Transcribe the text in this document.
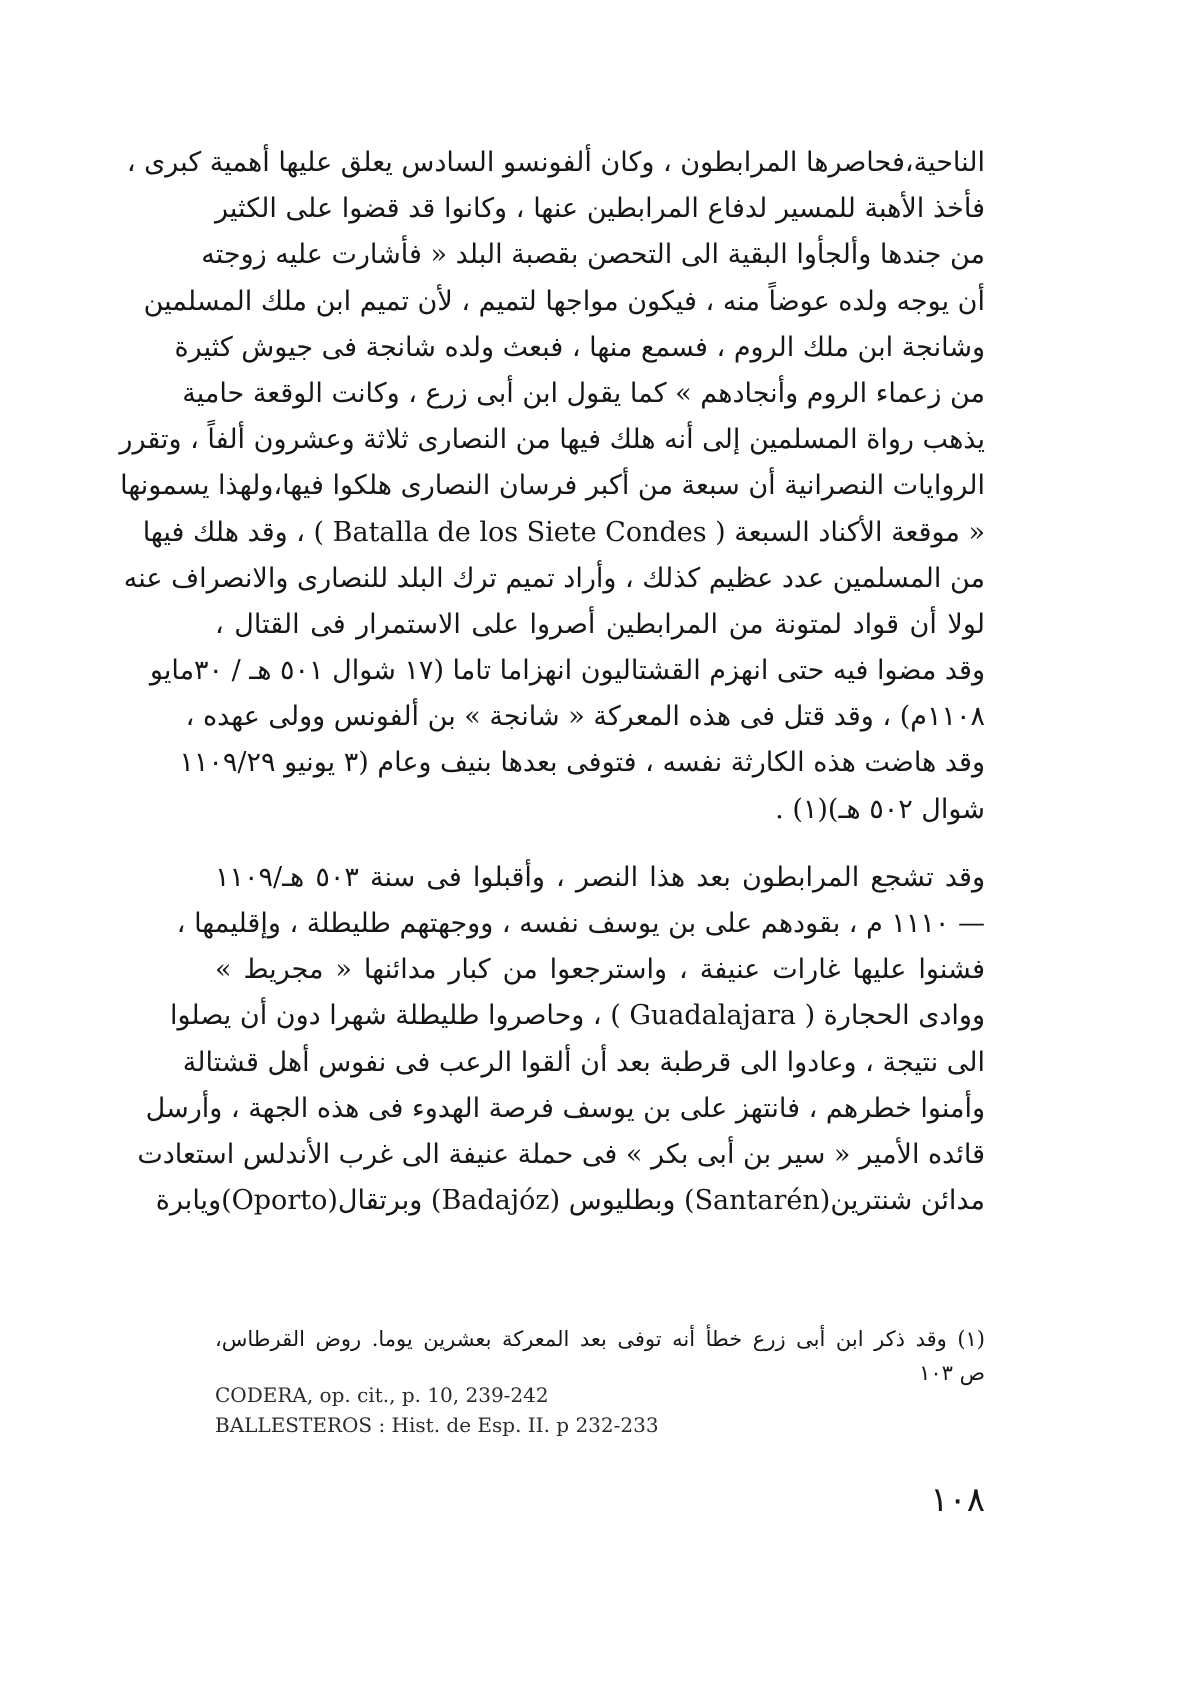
الناحية،فحاصرها المرابطون ، وكان ألفونسو السادس يعلق عليها أهمية كبرى ،
فأخذ الأهبة للمسير لدفاع المرابطين عنها ، وكانوا قد قضوا على الكثير
من جندها وألجأوا البقية الى التحصن بقصبة البلد « فأشارت عليه زوجته
أن يوجه ولده عوضاً منه ، فيكون مواجها لتميم ، لأن تميم ابن ملك المسلمين
وشانجة ابن ملك الروم ، فسمع منها ، فبعث ولده شانجة فى جيوش كثيرة
من زعماء الروم وأنجادهم » كما يقول ابن أبى زرع ، وكانت الوقعة حامية
يذهب رواة المسلمين إلى أنه هلك فيها من النصارى ثلاثة وعشرون ألفاً ، وتقرر
الروايات النصرانية أن سبعة من أكبر فرسان النصارى هلكوا فيها،ولهذا يسمونها
« موقعة الأكناد السبعة ( Batalla de los Siete Condes ) ، وقد هلك فيها
من المسلمين عدد عظيم كذلك ، وأراد تميم ترك البلد للنصارى والانصراف عنه
لولا أن قواد لمتونة من المرابطين أصروا على الاستمرار فى القتال ،
وقد مضوا فيه حتى انهزم القشتاليون انهزاما تاما (١٧ شوال ٥٠١ هـ / ٣٠مايو
١١٠٨م) ، وقد قتل فى هذه المعركة « شانجة » بن ألفونس وولى عهده ،
وقد هاضت هذه الكارثة نفسه ، فتوفى بعدها بنيف وعام (٣ يونيو ١١٠٩/٢٩
شوال ٥٠٢ هـ)(١) .
وقد تشجع المرابطون بعد هذا النصر ، وأقبلوا فى سنة ٥٠٣ هـ/١١٠٩
— ١١١٠ م ، بقودهم على بن يوسف نفسه ، ووجهتهم طليطلة ، وإقليمها ،
فشنوا عليها غارات عنيفة ، واسترجعوا من كبار مدائنها « مجريط »
ووادى الحجارة ( Guadalajara ) ، وحاصروا طليطلة شهرا دون أن يصلوا
الى نتيجة ، وعادوا الى قرطبة بعد أن ألقوا الرعب فى نفوس أهل قشتالة
وأمنوا خطرهم ، فانتهز على بن يوسف فرصة الهدوء فى هذه الجهة ، وأرسل
قائده الأمير « سير بن أبى بكر » فى حملة عنيفة الى غرب الأندلس استعادت
مدائن شنترين(Santarén) وبطليوس (Badajóz) وبرتقال(Oporto)ويابرة
(١) وقد ذكر ابن أبى زرع خطأ أنه توفى بعد المعركة بعشرين يوما. روض القرطاس،
ص ١٠٣
CODERA, op. cit., p. 10, 239-242
BALLESTEROS : Hist. de Esp. II. p 232-233
١٠٨
